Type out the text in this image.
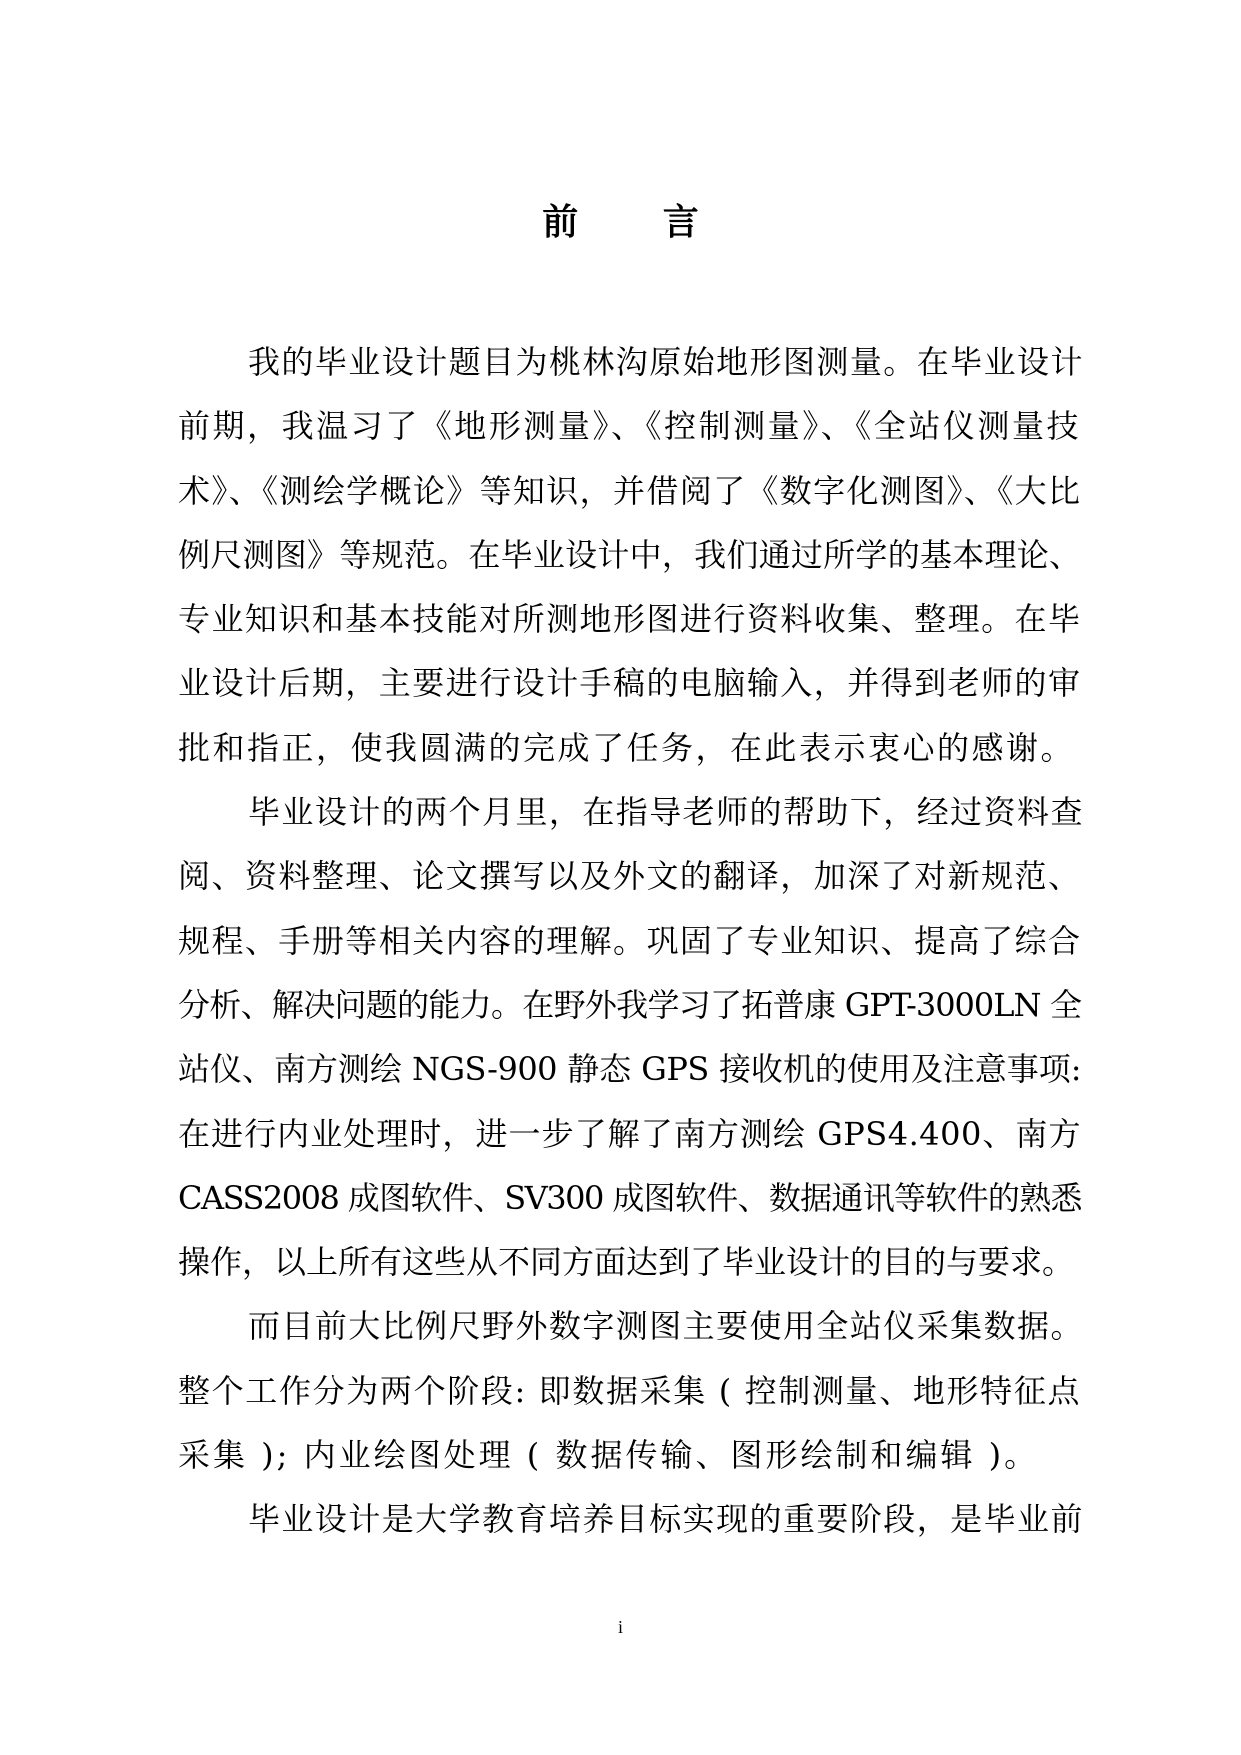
前 言
我的毕业设计题目为桃林沟原始地形图测量。在毕业设计
前期，我温习了《地形测量》、《控制测量》、《全站仪测量技
术》、《测绘学概论》等知识，并借阅了《数字化测图》、《大比
例尺测图》等规范。在毕业设计中，我们通过所学的基本理论、
专业知识和基本技能对所测地形图进行资料收集、整理。在毕
业设计后期，主要进行设计手稿的电脑输入，并得到老师的审
批和指正，使我圆满的完成了任务，在此表示衷心的感谢。
毕业设计的两个月里，在指导老师的帮助下，经过资料查
阅、资料整理、论文撰写以及外文的翻译，加深了对新规范、
规程、手册等相关内容的理解。巩固了专业知识、提高了综合
分析、解决问题的能力。在野外我学习了拓普康 GPT-3000LN 全
站仪、南方测绘 NGS-900 静态 GPS 接收机的使用及注意事项:
在进行内业处理时，进一步了解了南方测绘 GPS4.400、南方
CASS2008 成图软件、SV300 成图软件、数据通讯等软件的熟悉
操作，以上所有这些从不同方面达到了毕业设计的目的与要求。
而目前大比例尺野外数字测图主要使用全站仪采集数据。
整个工作分为两个阶段: 即数据采集 ( 控制测量、地形特征点
采集 ); 内业绘图处理 ( 数据传输、图形绘制和编辑 )。
毕业设计是大学教育培养目标实现的重要阶段，是毕业前
i
